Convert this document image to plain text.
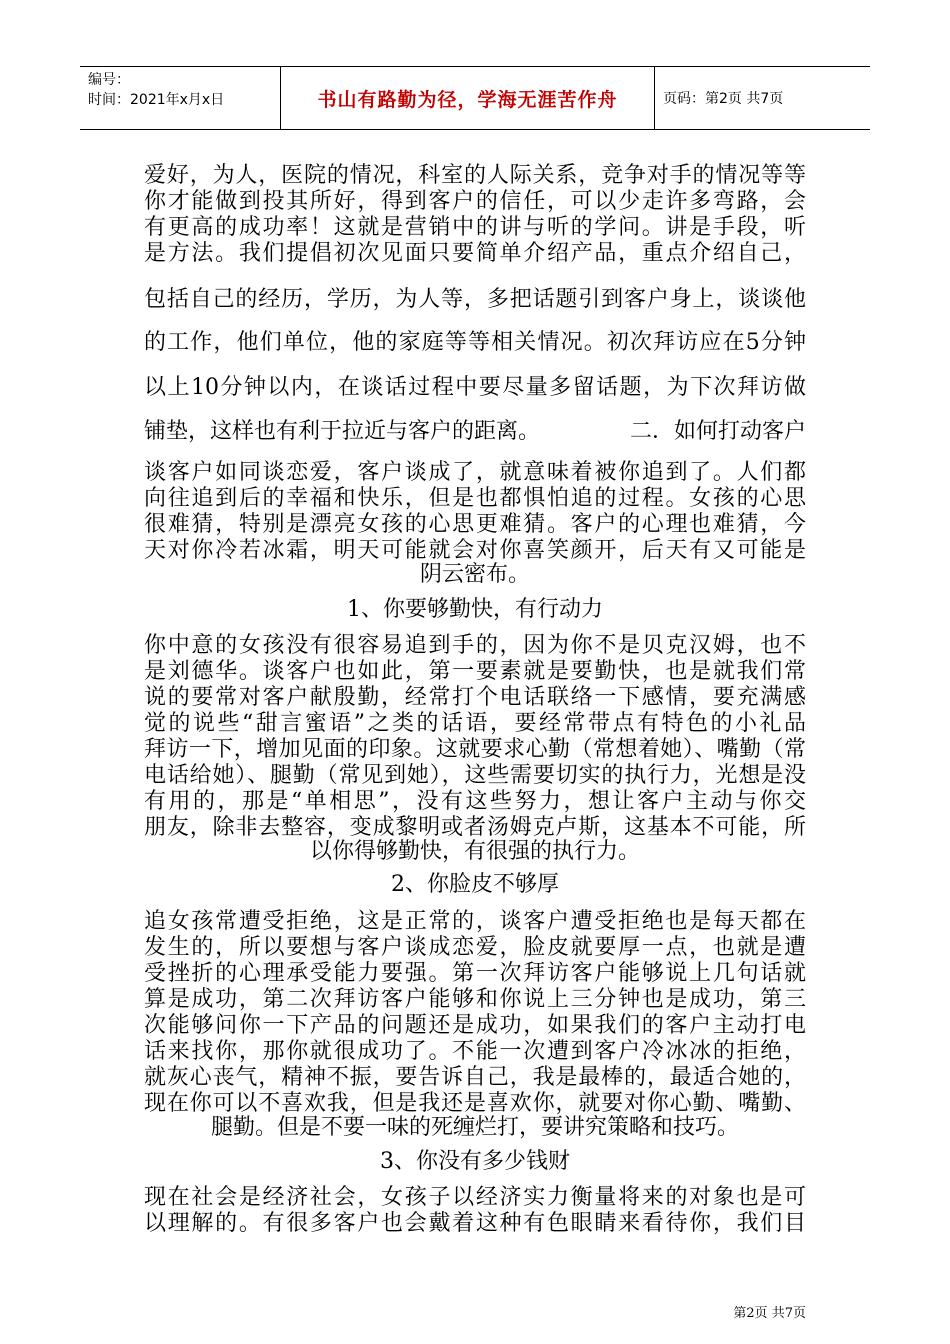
编号：
时间：2021年x月x日	书山有路勤为径，学海无涯苦作舟	页码：第2页 共7页
爱好，为人，医院的情况，科室的人际关系，竞争对手的情况等等
你才能做到投其所好，得到客户的信任，可以少走许多弯路，会
有更高的成功率！这就是营销中的讲与听的学问。讲是手段，听
是方法。我们提倡初次见面只要简单介绍产品，重点介绍自己，
包括自己的经历，学历，为人等，多把话题引到客户身上，谈谈他
的工作，他们单位，他的家庭等等相关情况。初次拜访应在5分钟
以上10分钟以内，在谈话过程中要尽量多留话题，为下次拜访做
铺垫，这样也有利于拉近与客户的距离。	二．如何打动客户
谈客户如同谈恋爱，客户谈成了，就意味着被你追到了。人们都
向往追到后的幸福和快乐，但是也都惧怕追的过程。女孩的心思
很难猜，特别是漂亮女孩的心思更难猜。客户的心理也难猜，今
天对你冷若冰霜，明天可能就会对你喜笑颜开，后天有又可能是
阴云密布。
1、你要够勤快，有行动力
你中意的女孩没有很容易追到手的，因为你不是贝克汉姆，也不
是刘德华。谈客户也如此，第一要素就是要勤快，也是就我们常
说的要常对客户献殷勤，经常打个电话联络一下感情，要充满感
觉的说些“甜言蜜语”之类的话语，要经常带点有特色的小礼品
拜访一下，增加见面的印象。这就要求心勤（常想着她）、嘴勤（常
电话给她）、腿勤（常见到她），这些需要切实的执行力，光想是没
有用的，那是“单相思”，没有这些努力，想让客户主动与你交
朋友，除非去整容，变成黎明或者汤姆克卢斯，这基本不可能，所
以你得够勤快，有很强的执行力。
2、你脸皮不够厚
追女孩常遭受拒绝，这是正常的，谈客户遭受拒绝也是每天都在
发生的，所以要想与客户谈成恋爱，脸皮就要厚一点，也就是遭
受挫折的心理承受能力要强。第一次拜访客户能够说上几句话就
算是成功，第二次拜访客户能够和你说上三分钟也是成功，第三
次能够问你一下产品的问题还是成功，如果我们的客户主动打电
话来找你，那你就很成功了。不能一次遭到客户冷冰冰的拒绝，
就灰心丧气，精神不振，要告诉自己，我是最棒的，最适合她的，
现在你可以不喜欢我，但是我还是喜欢你，就要对你心勤、嘴勤、
腿勤。但是不要一味的死缠烂打，要讲究策略和技巧。
3、你没有多少钱财
现在社会是经济社会，女孩子以经济实力衡量将来的对象也是可
以理解的。有很多客户也会戴着这种有色眼睛来看待你，我们目
第2页 共7页
